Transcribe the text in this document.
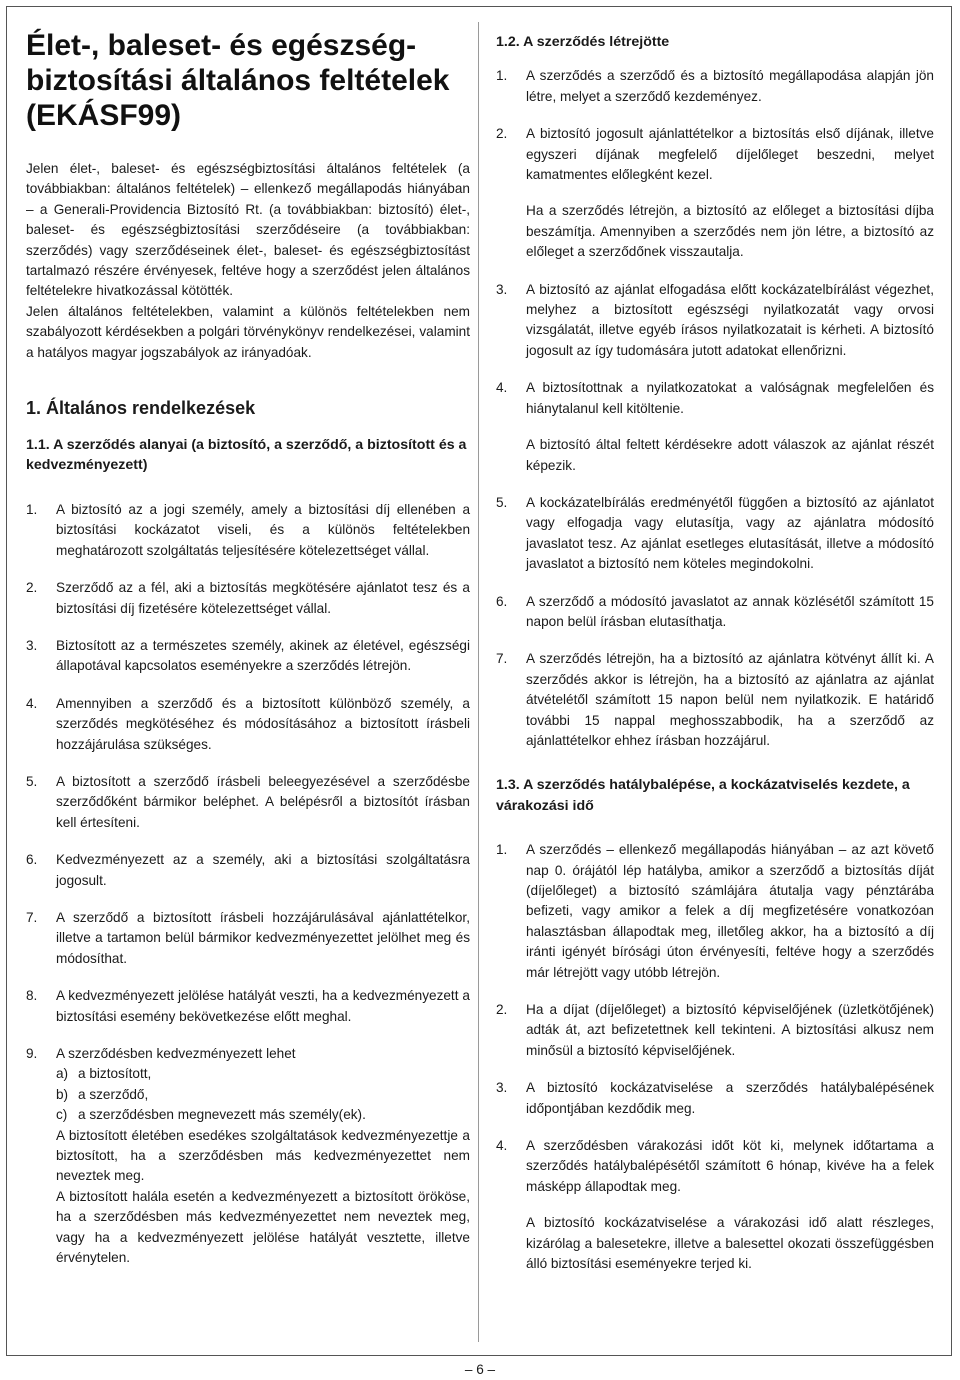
Élet-, baleset- és egészség-biztosítási általános feltételek (EKÁSF99)

Jelen élet-, baleset- és egészségbiztosítási általános feltételek (a továbbiakban: általános feltételek) – ellenkező megállapodás hiányában – a Generali-Providencia Biztosító Rt. (a továbbiakban: biztosító) élet-, baleset- és egészségbiztosítási szerződéseire (a továbbiakban: szerződés) vagy szerződéseinek élet-, baleset- és egészségbiztosítást tartalmazó részére érvényesek, feltéve hogy a szerződést jelen általános feltételekre hivatkozással kötötték.

Jelen általános feltételekben, valamint a különös feltételekben nem szabályozott kérdésekben a polgári törvénykönyv rendelkezései, valamint a hatályos magyar jogszabályok az irányadóak.

1. Általános rendelkezések
1.1. A szerződés alanyai (a biztosító, a szerződő, a biztosított és a kedvezményezett)
1.	A biztosító az a jogi személy, amely a biztosítási díj ellenében a biztosítási kockázatot viseli, és a különös feltételekben meghatározott szolgáltatás teljesítésére kötelezettséget vállal.

2.	Szerződő az a fél, aki a biztosítás megkötésére ajánlatot tesz és a biztosítási díj fizetésére kötelezettséget vállal.

3.	Biztosított az a természetes személy, akinek az életével, egészségi állapotával kapcsolatos eseményekre a szerződés létrejön.

4.	Amennyiben a szerződő és a biztosított különböző személy, a szerződés megkötéséhez és módosításához a biztosított írásbeli hozzájárulása szükséges.

5.	A biztosított a szerződő írásbeli beleegyezésével a szerződésbe szerződőként bármikor beléphet. A belépésről a biztosítót írásban kell értesíteni.

6.	Kedvezményezett az a személy, aki a biztosítási szolgáltatásra jogosult.

7.	A szerződő a biztosított írásbeli hozzájárulásával ajánlattételkor, illetve a tartamon belül bármikor kedvezményezettet jelölhet meg és módosíthat.

8.	A kedvezményezett jelölése hatályát veszti, ha a kedvezményezett a biztosítási esemény bekövetkezése előtt meghal.

9.	A szerződésben kedvezményezett lehet

a) a biztosított,
b) a szerződő,
c) a szerződésben megnevezett más személy(ek).

A biztosított életében esedékes szolgáltatások kedvezményezettje a biztosított, ha a szerződésben más kedvezményezettet nem neveztek meg.

A biztosított halála esetén a kedvezményezett a biztosított örököse, ha a szerződésben más kedvezményezettet nem neveztek meg, vagy ha a kedvezményezett jelölése hatályát vesztette, illetve érvénytelen.

1.2. A szerződés létrejötte
1.	A szerződés a szerződő és a biztosító megállapodása alapján jön létre, melyet a szerződő kezdeményez.

2.	A biztosító jogosult ajánlattételkor a biztosítás első díjának, illetve egyszeri díjának megfelelő díjelőleget beszedni, melyet kamatmentes előlegként kezel.

Ha a szerződés létrejön, a biztosító az előleget a biztosítási díjba beszámítja. Amennyiben a szerződés nem jön létre, a biztosító az előleget a szerződőnek visszautalja.

3.	A biztosító az ajánlat elfogadása előtt kockázatelbírálást végezhet, melyhez a biztosított egészségi nyilatkozatát vagy orvosi vizsgálatát, illetve egyéb írásos nyilatkozatait is kérheti. A biztosító jogosult az így tudomására jutott adatokat ellenőrizni.

4.	A biztosítottnak a nyilatkozatokat a valóságnak megfelelően és hiánytalanul kell kitöltenie.

A biztosító által feltett kérdésekre adott válaszok az ajánlat részét képezik.

5.	A kockázatelbírálás eredményétől függően a biztosító az ajánlatot vagy elfogadja vagy elutasítja, vagy az ajánlatra módosító javaslatot tesz. Az ajánlat esetleges elutasítását, illetve a módosító javaslatot a biztosító nem köteles megindokolni.

6.	A szerződő a módosító javaslatot az annak közlésétől számított 15 napon belül írásban elutasíthatja.

7.	A szerződés létrejön, ha a biztosító az ajánlatra kötvényt állít ki. A szerződés akkor is létrejön, ha a biztosító az ajánlatra az ajánlat átvételétől számított 15 napon belül nem nyilatkozik. E határidő további 15 nappal meghosszabbodik, ha a szerződő az ajánlattételkor ehhez írásban hozzájárul.

1.3. A szerződés hatálybalépése, a kockázatviselés kezdete, a várakozási idő
1.	A szerződés – ellenkező megállapodás hiányában – az azt követő nap 0. órájától lép hatályba, amikor a szerződő a biztosítás díját (díjelőleget) a biztosító számlájára átutalja vagy pénztárába befizeti, vagy amikor a felek a díj megfizetésére vonatkozóan halasztásban állapodtak meg, illetőleg akkor, ha a biztosító a díj iránti igényét bírósági úton érvényesíti, feltéve hogy a szerződés már létrejött vagy utóbb létrejön.

2.	Ha a díjat (díjelőleget) a biztosító képviselőjének (üzletkötőjének) adták át, azt befizetettnek kell tekinteni. A biztosítási alkusz nem minősül a biztosító képviselőjének.

3.	A biztosító kockázatviselése a szerződés hatálybalépésének időpontjában kezdődik meg.

4.	A szerződésben várakozási időt köt ki, melynek időtartama a szerződés hatálybalépésétől számított 6 hónap, kivéve ha a felek másképp állapodtak meg.

A biztosító kockázatviselése a várakozási idő alatt részleges, kizárólag a balesetekre, illetve a balesettel okozati összefüggésben álló biztosítási eseményekre terjed ki.

– 6 –
